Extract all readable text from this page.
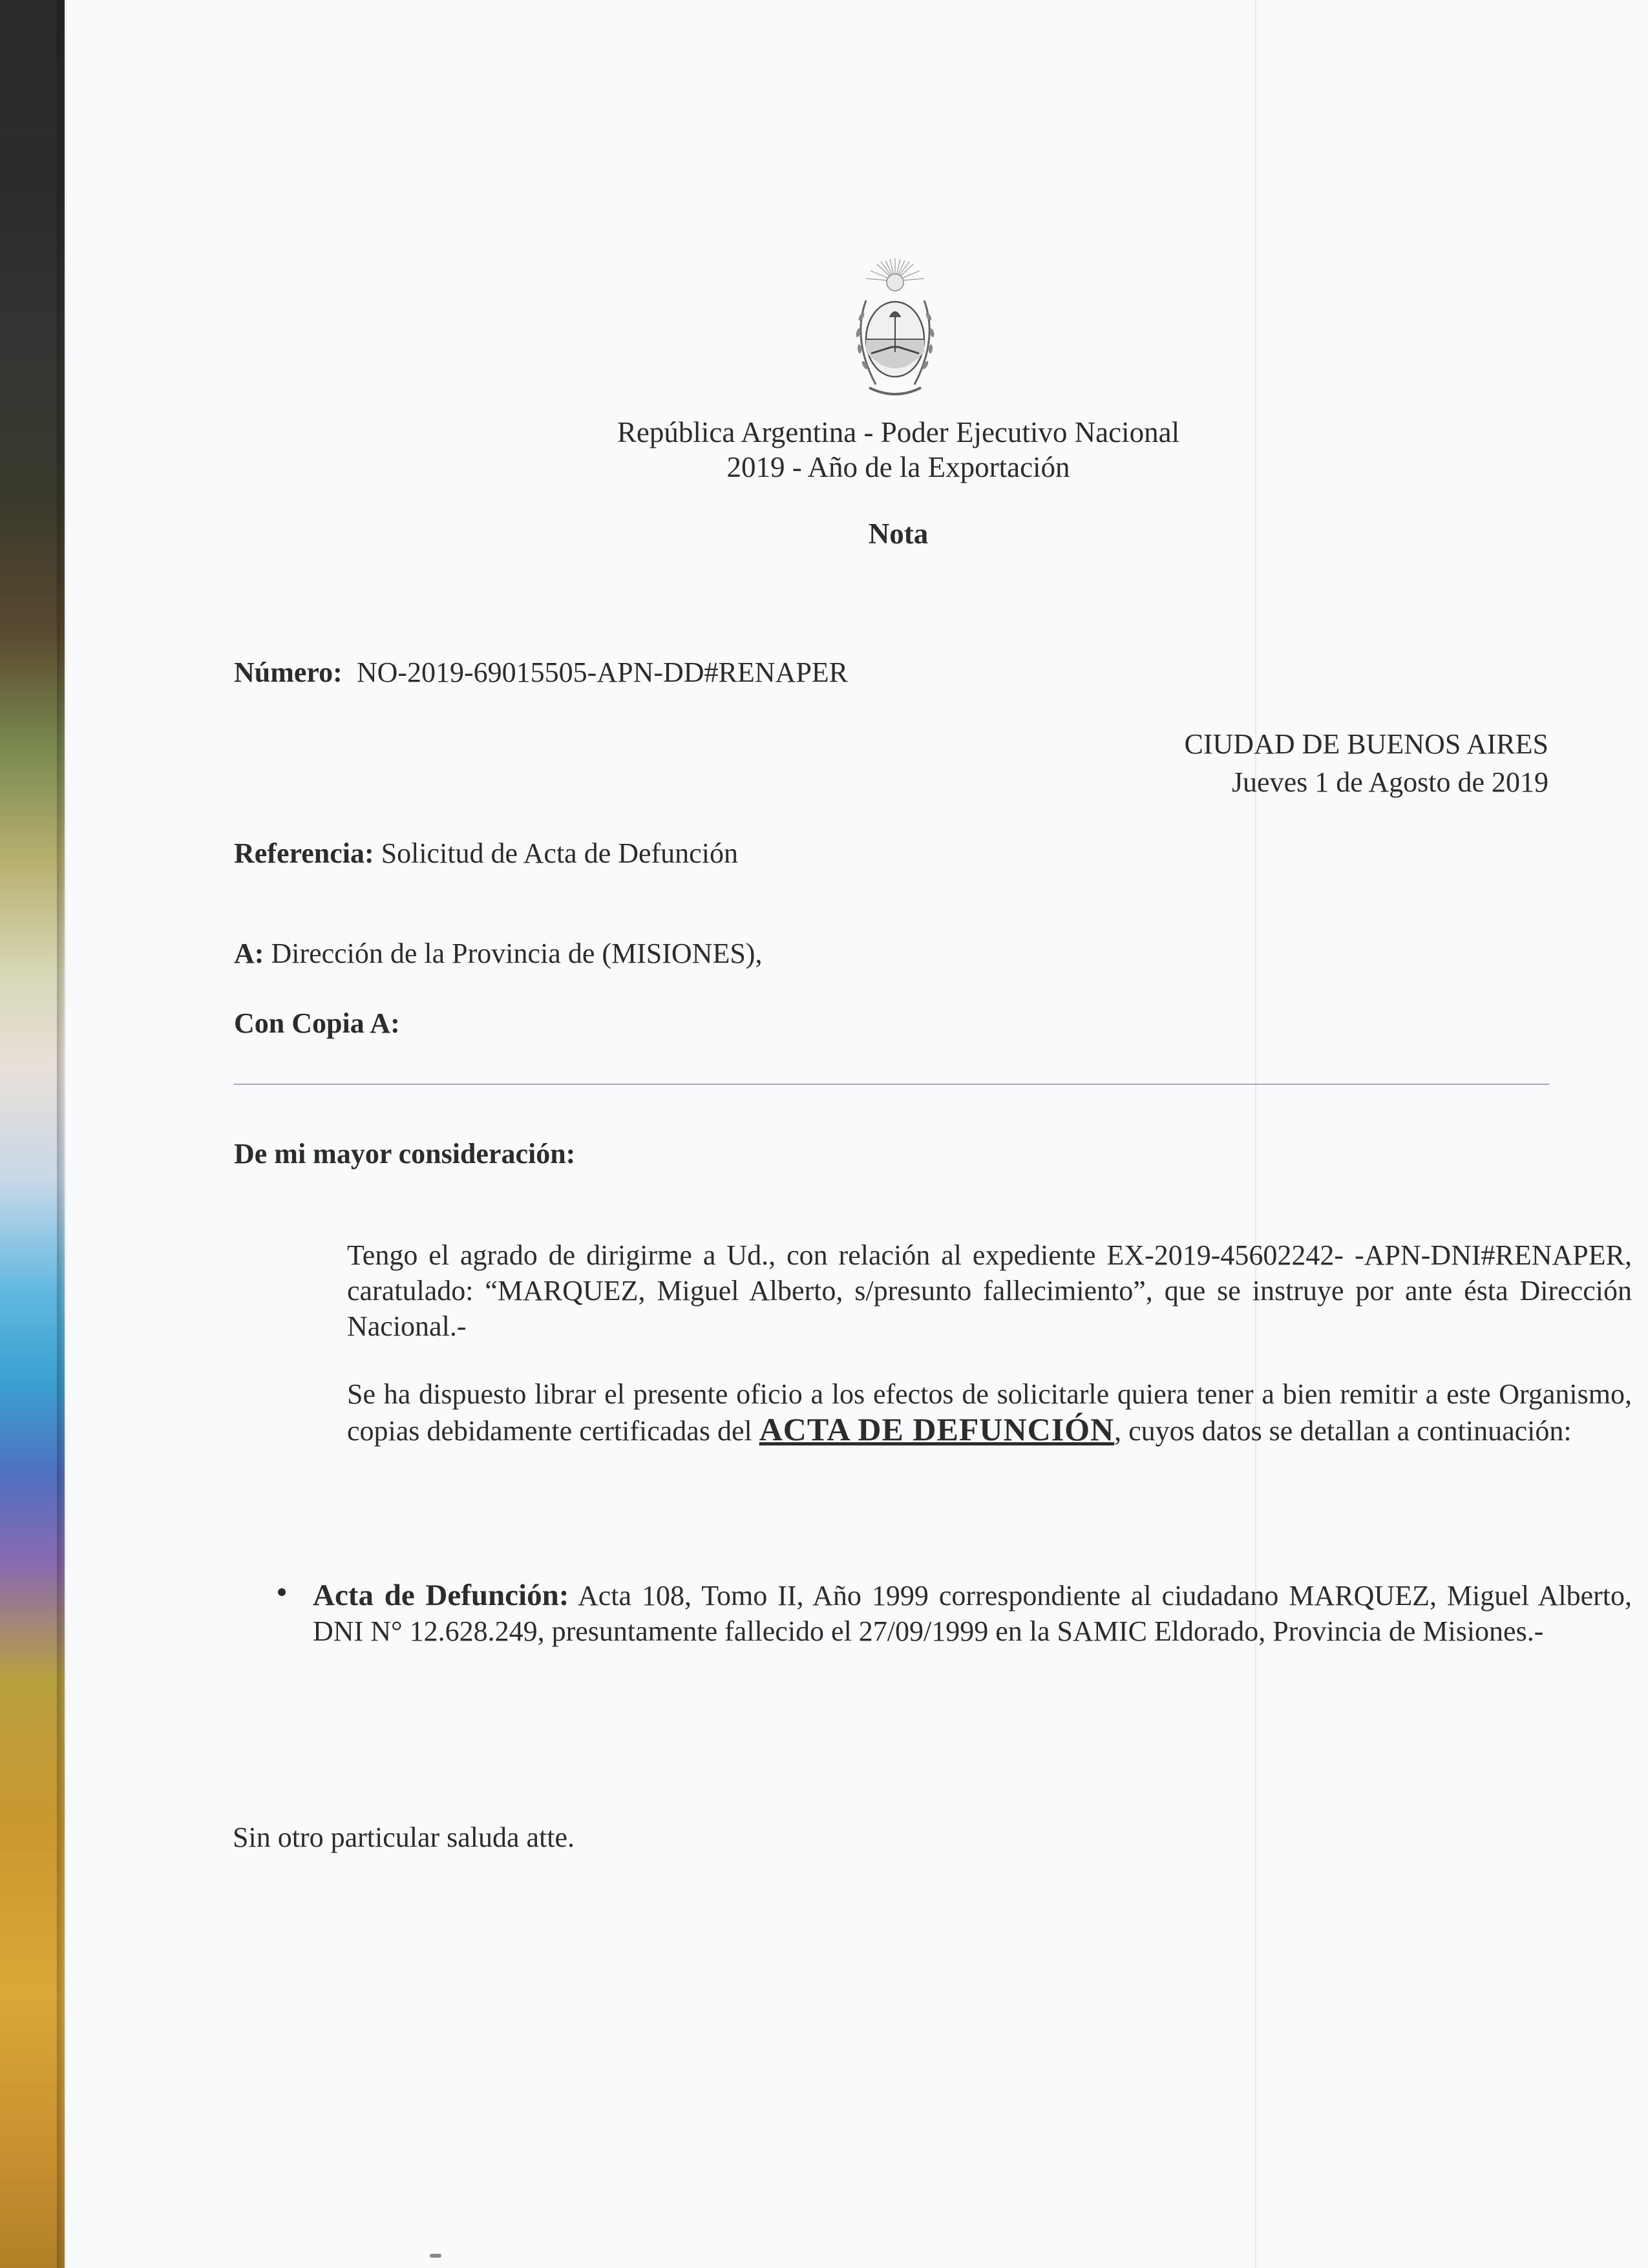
República Argentina - Poder Ejecutivo Nacional
2019 - Año de la Exportación
Nota
Número: NO-2019-69015505-APN-DD#RENAPER
CIUDAD DE BUENOS AIRES
Jueves 1 de Agosto de 2019
Referencia: Solicitud de Acta de Defunción
A: Dirección de la Provincia de (MISIONES),
Con Copia A:
De mi mayor consideración:
Tengo el agrado de dirigirme a Ud., con relación al expediente EX-2019-45602242- -APN-DNI#RENAPER, caratulado: “MARQUEZ, Miguel Alberto, s/presunto fallecimiento”, que se instruye por ante ésta Dirección Nacional.-
Se ha dispuesto librar el presente oficio a los efectos de solicitarle quiera tener a bien remitir a este Organismo, copias debidamente certificadas del ACTA DE DEFUNCIÓN, cuyos datos se detallan a continuación:
Acta de Defunción: Acta 108, Tomo II, Año 1999 correspondiente al ciudadano MARQUEZ, Miguel Alberto, DNI N° 12.628.249, presuntamente fallecido el 27/09/1999 en la SAMIC Eldorado, Provincia de Misiones.-
Sin otro particular saluda atte.
